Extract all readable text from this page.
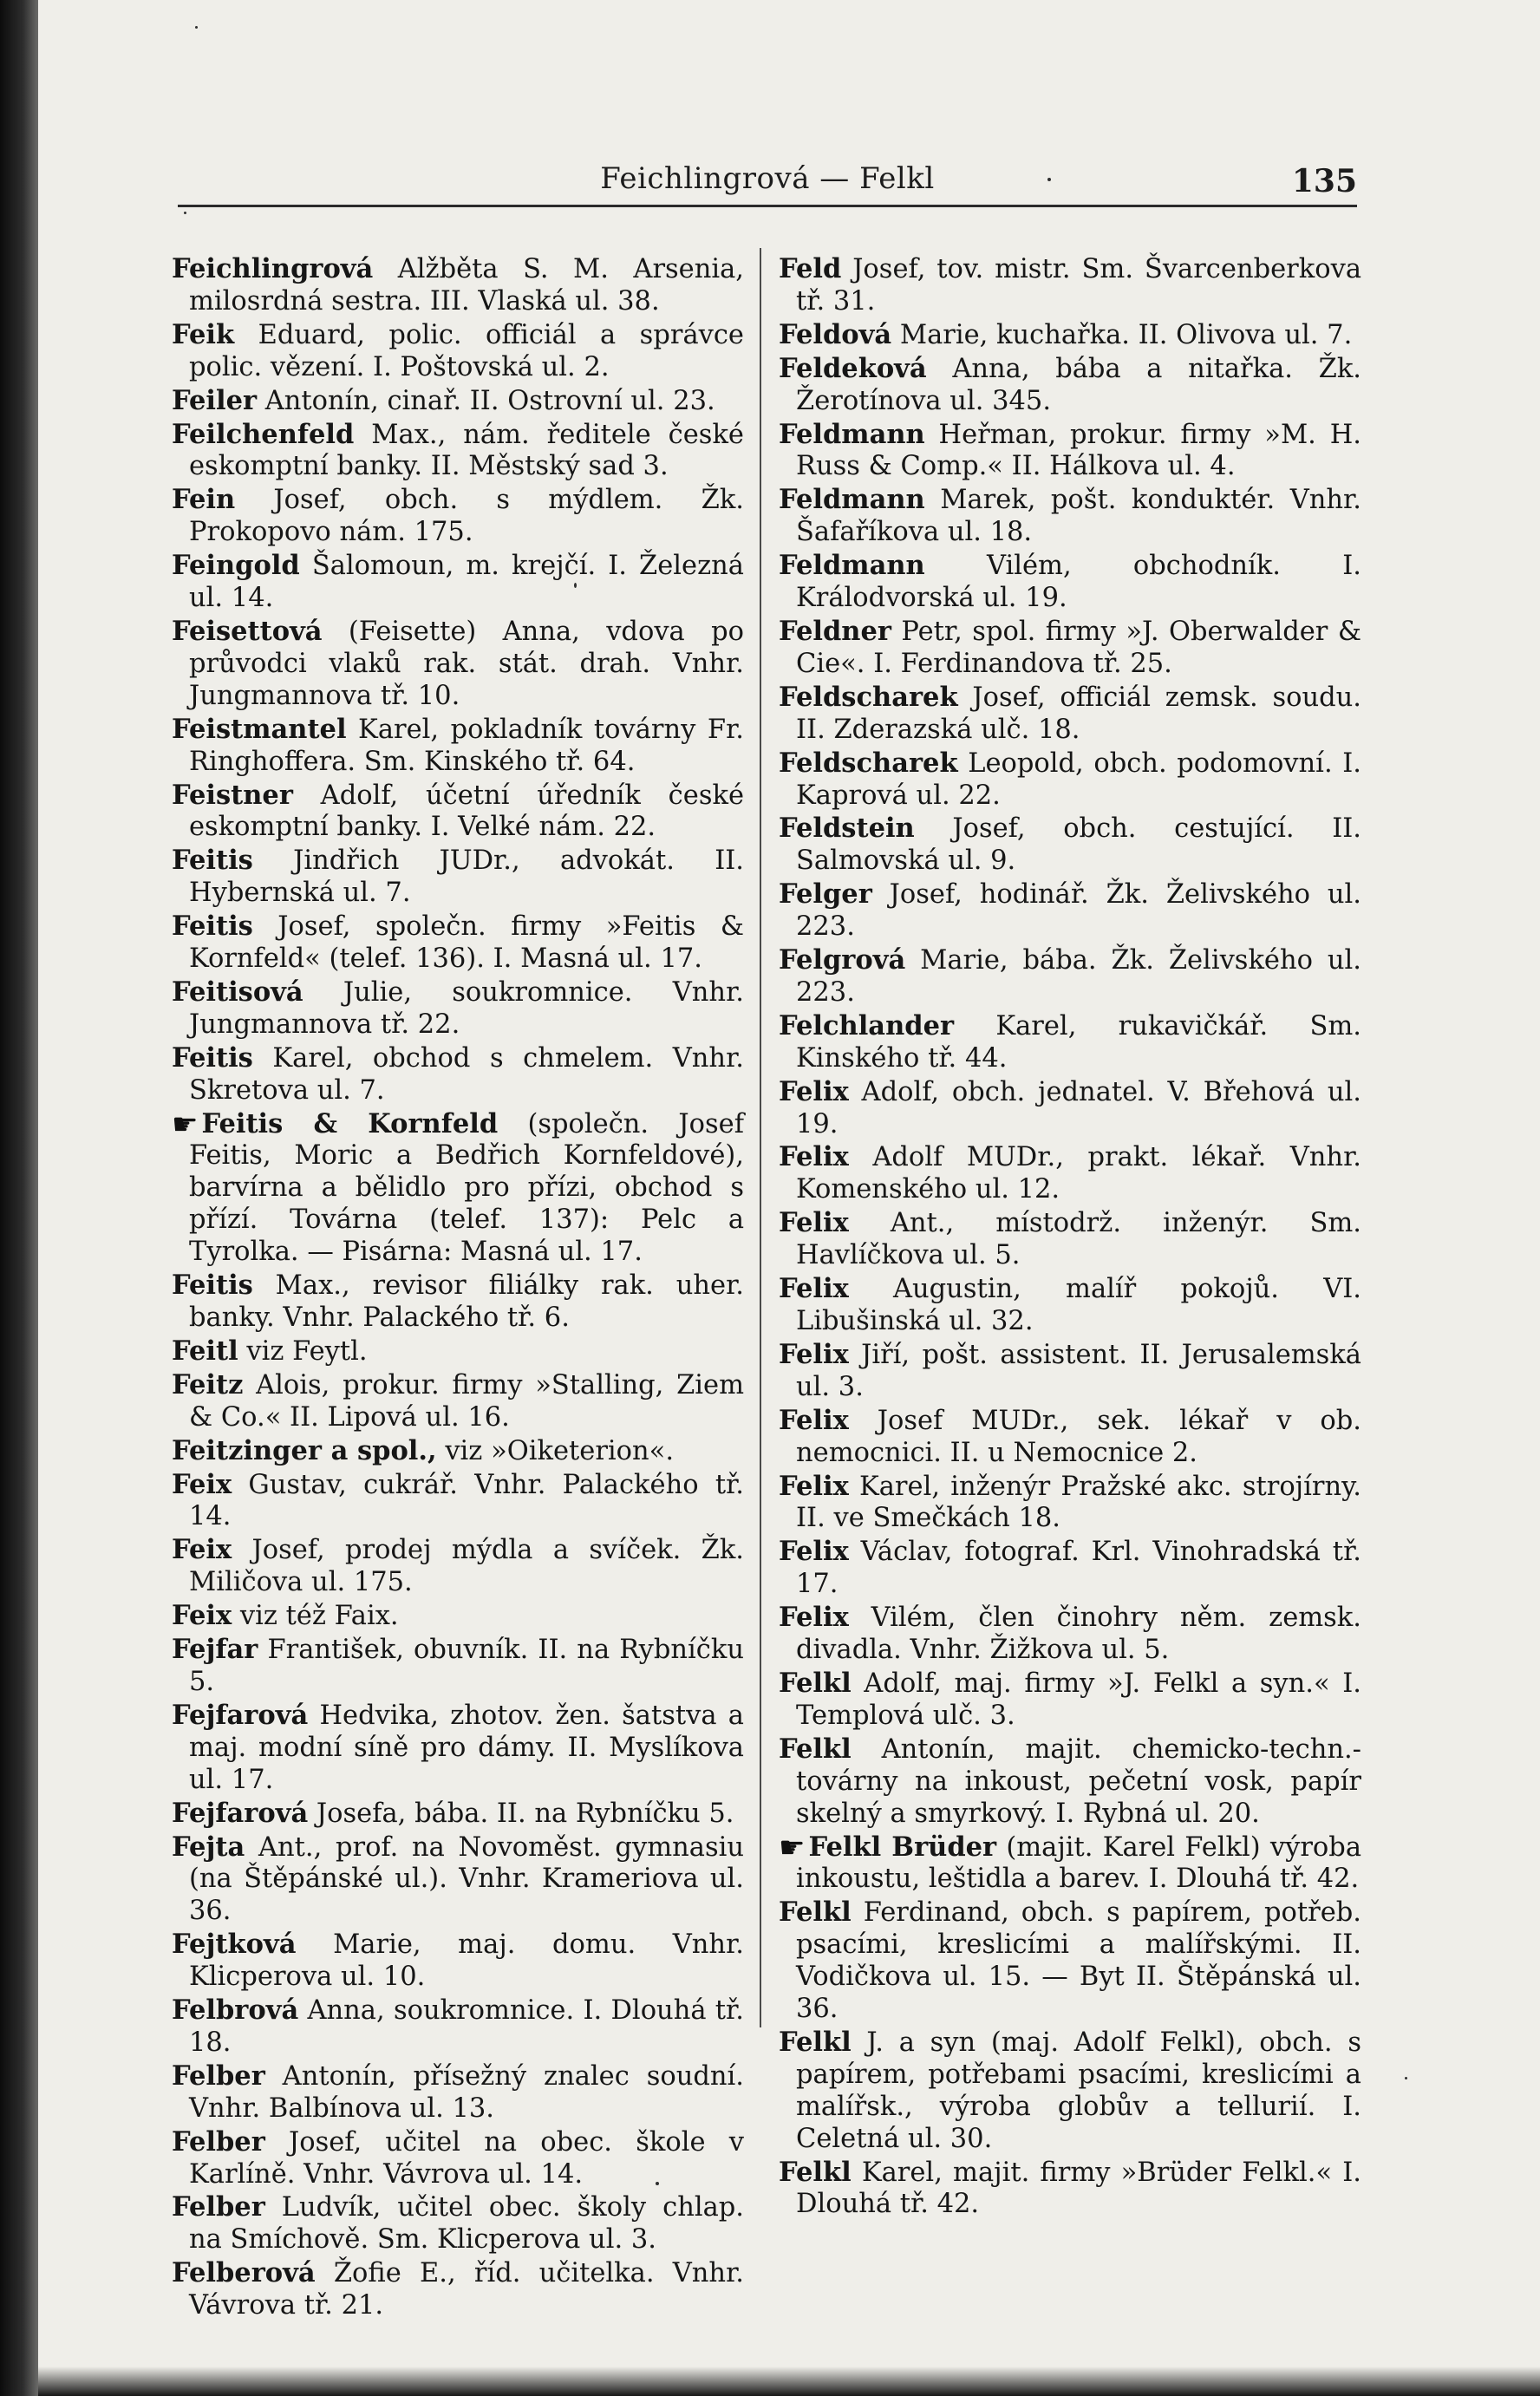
Feichlingrová — Felkl	135

Feichlingrová Alžběta S. M. Arsenia, milosrdná sestra. III. Vlaská ul. 38.

Feik Eduard, polic. officiál a správce polic. vězení. I. Poštovská ul. 2.

Feiler Antonín, cinař. II. Ostrovní ul. 23.

Feilchenfeld Max., nám. ředitele české eskomptní banky. II. Městský sad 3.

Fein Josef, obch. s mýdlem. Žk. Prokopovo nám. 175.

Feingold Šalomoun, m. krejčí. I. Železná ul. 14.

Feisettová (Feisette) Anna, vdova po průvodci vlaků rak. stát. drah. Vnhr. Jungmannova tř. 10.

Feistmantel Karel, pokladník továrny Fr. Ringhoffera. Sm. Kinského tř. 64.

Feistner Adolf, účetní úředník české eskomptní banky. I. Velké nám. 22.

Feitis Jindřich JUDr., advokát. II. Hybernská ul. 7.

Feitis Josef, společn. firmy »Feitis & Kornfeld« (telef. 136). I. Masná ul. 17.

Feitisová Julie, soukromnice. Vnhr. Jungmannova tř. 22.

Feitis Karel, obchod s chmelem. Vnhr. Skretova ul. 7.

☛ Feitis & Kornfeld (společn. Josef Feitis, Moric a Bedřich Kornfeldové), barvírna a bělidlo pro přízi, obchod s přízí. Továrna (telef. 137): Pelc a Tyrolka. — Pisárna: Masná ul. 17.

Feitis Max., revisor filiálky rak. uher. banky. Vnhr. Palackého tř. 6.

Feitl viz Feytl.

Feitz Alois, prokur. firmy »Stalling, Ziem & Co.« II. Lipová ul. 16.

Feitzinger a spol., viz »Oiketerion«.

Feix Gustav, cukrář. Vnhr. Palackého tř. 14.

Feix Josef, prodej mýdla a svíček. Žk. Miličova ul. 175.

Feix viz též Faix.

Fejfar František, obuvník. II. na Rybníčku 5.

Fejfarová Hedvika, zhotov. žen. šatstva a maj. modní síně pro dámy. II. Myslíkova ul. 17.

Fejfarová Josefa, bába. II. na Rybníčku 5.

Fejta Ant., prof. na Novoměst. gymnasiu (na Štěpánské ul.). Vnhr. Krameriova ul. 36.

Fejtková Marie, maj. domu. Vnhr. Klicperova ul. 10.

Felbrová Anna, soukromnice. I. Dlouhá tř. 18.

Felber Antonín, přísežný znalec soudní. Vnhr. Balbínova ul. 13.

Felber Josef, učitel na obec. škole v Karlíně. Vnhr. Vávrova ul. 14.

Felber Ludvík, učitel obec. školy chlap. na Smíchově. Sm. Klicperova ul. 3.

Felberová Žofie E., říd. učitelka. Vnhr. Vávrova tř. 21.

Feld Josef, tov. mistr. Sm. Švarcenberkova tř. 31.

Feldová Marie, kuchařka. II. Olivova ul. 7.

Feldeková Anna, bába a nitařka. Žk. Žerotínova ul. 345.

Feldmann Heřman, prokur. firmy »M. H. Russ & Comp.« II. Hálkova ul. 4.

Feldmann Marek, pošt. konduktér. Vnhr. Šafaříkova ul. 18.

Feldmann Vilém, obchodník. I. Králodvorská ul. 19.

Feldner Petr, spol. firmy »J. Oberwalder & Cie«. I. Ferdinandova tř. 25.

Feldscharek Josef, officiál zemsk. soudu. II. Zderazská ulč. 18.

Feldscharek Leopold, obch. podomovní. I. Kaprová ul. 22.

Feldstein Josef, obch. cestující. II. Salmovská ul. 9.

Felger Josef, hodinář. Žk. Želivského ul. 223.

Felgrová Marie, bába. Žk. Želivského ul. 223.

Felchlander Karel, rukavičkář. Sm. Kinského tř. 44.

Felix Adolf, obch. jednatel. V. Břehová ul. 19.

Felix Adolf MUDr., prakt. lékař. Vnhr. Komenského ul. 12.

Felix Ant., místodrž. inženýr. Sm. Havlíčkova ul. 5.

Felix Augustin, malíř pokojů. VI. Libušinská ul. 32.

Felix Jiří, pošt. assistent. II. Jerusalemská ul. 3.

Felix Josef MUDr., sek. lékař v ob. nemocnici. II. u Nemocnice 2.

Felix Karel, inženýr Pražské akc. strojírny. II. ve Smečkách 18.

Felix Václav, fotograf. Krl. Vinohradská tř. 17.

Felix Vilém, člen činohry něm. zemsk. divadla. Vnhr. Žižkova ul. 5.

Felkl Adolf, maj. firmy »J. Felkl a syn.« I. Templová ulč. 3.

Felkl Antonín, majit. chemicko-techn.-továrny na inkoust, pečetní vosk, papír skelný a smyrkový. I. Rybná ul. 20.

☛ Felkl Brüder (majit. Karel Felkl) výroba inkoustu, leštidla a barev. I. Dlouhá tř. 42.

Felkl Ferdinand, obch. s papírem, potřeb. psacími, kreslicími a malířskými. II. Vodičkova ul. 15. — Byt II. Štěpánská ul. 36.

Felkl J. a syn (maj. Adolf Felkl), obch. s papírem, potřebami psacími, kreslicími a malířsk., výroba globův a tellurií. I. Celetná ul. 30.

Felkl Karel, majit. firmy »Brüder Felkl.« I. Dlouhá tř. 42.
